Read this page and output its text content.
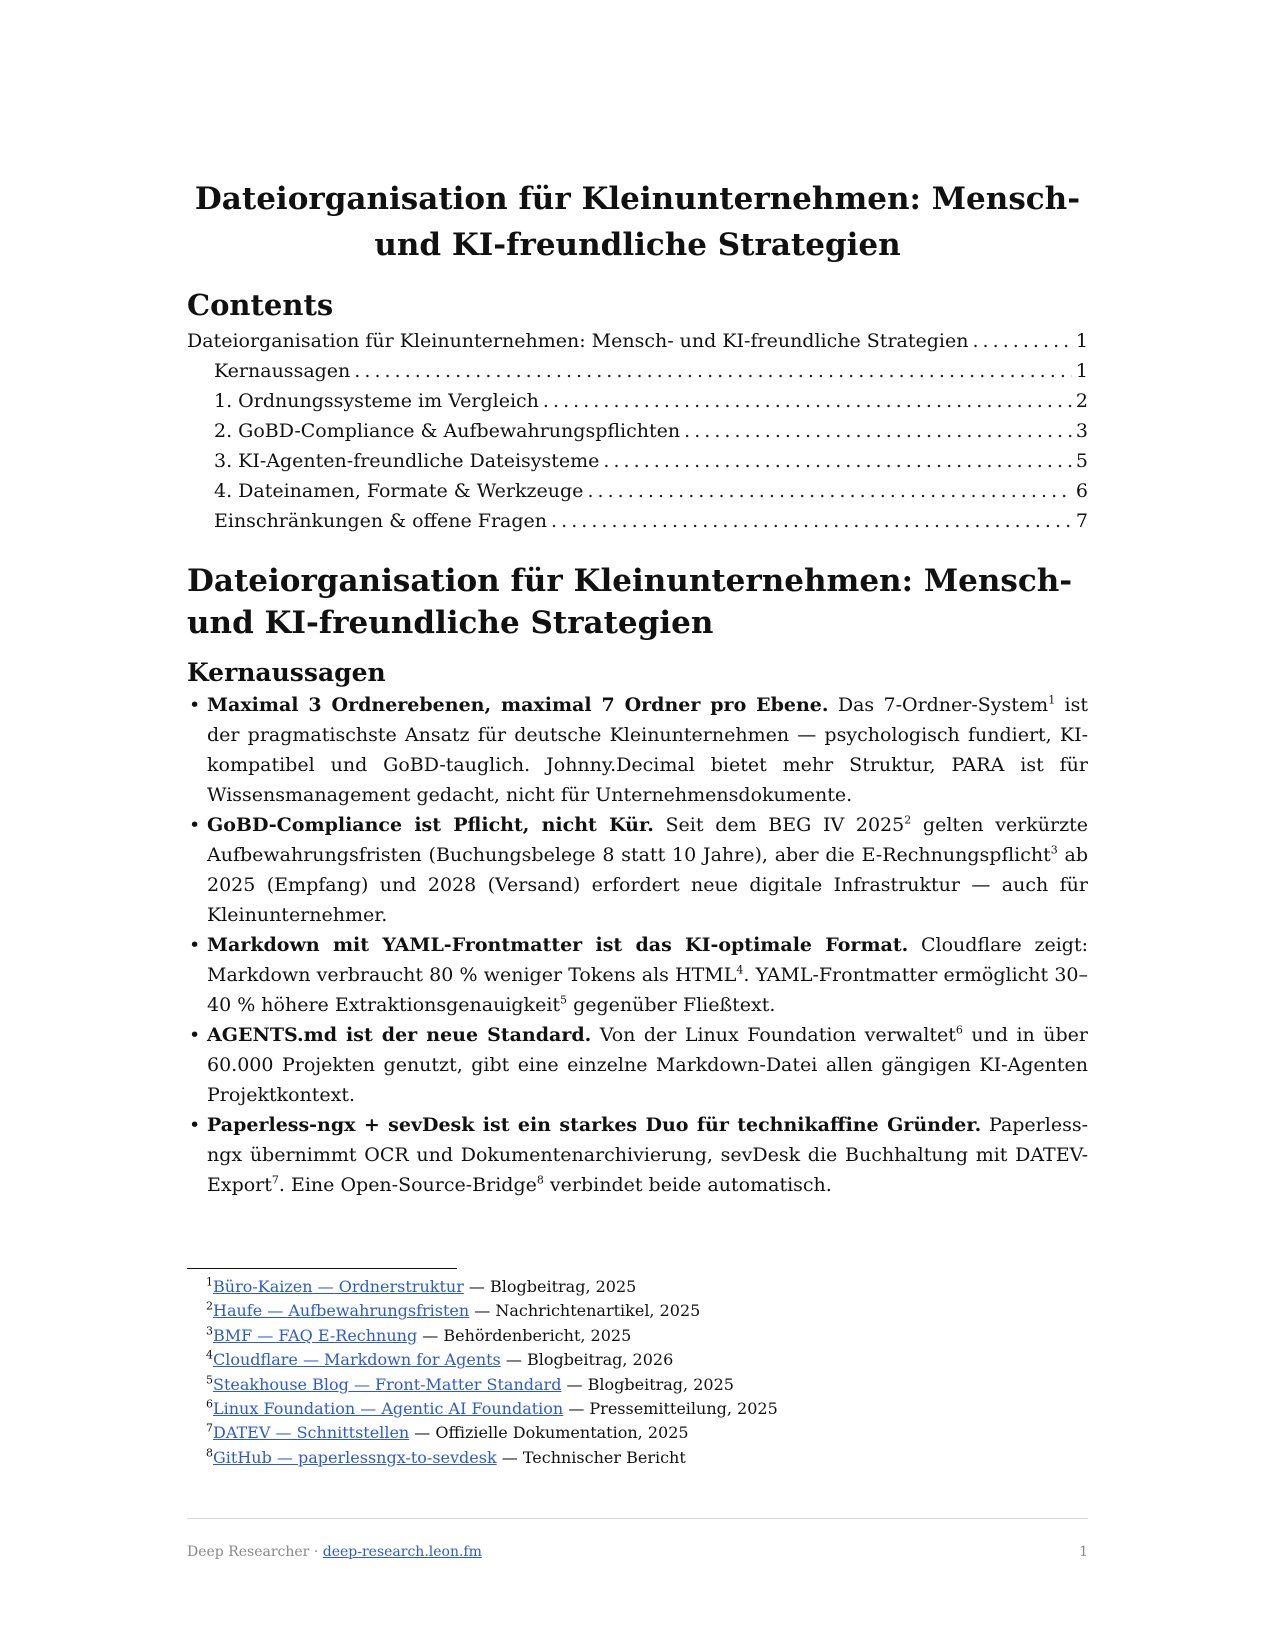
Dateiorganisation für Kleinunternehmen: Mensch- und KI-freundliche Strategien
Contents
Dateiorganisation für Kleinunternehmen: Mensch- und KI-freundliche Strategien . . .	1
Kernaussagen . . .	1
1. Ordnungssysteme im Vergleich . . .	2
2. GoBD-Compliance & Aufbewahrungspflichten . . .	3
3. KI-Agenten-freundliche Dateisysteme . . .	5
4. Dateinamen, Formate & Werkzeuge . . .	6
Einschränkungen & offene Fragen . . .	7
Dateiorganisation für Kleinunternehmen: Mensch- und KI-freundliche Strategien
Kernaussagen
• Maximal 3 Ordnerebenen, maximal 7 Ordner pro Ebene. Das 7-Ordner-System$^1$ ist der pragmatischste Ansatz für deutsche Kleinunternehmen — psychologisch fundiert, KI-kompatibel und GoBD-tauglich. Johnny.Decimal bietet mehr Struktur, PARA ist für Wissensmanagement gedacht, nicht für Unternehmensdokumente.
• GoBD-Compliance ist Pflicht, nicht Kür. Seit dem BEG IV 2025$^2$ gelten verkürzte Aufbewahrungsfristen (Buchungsbelege 8 statt 10 Jahre), aber die E-Rechnungspflicht$^3$ ab 2025 (Empfang) und 2028 (Versand) erfordert neue digitale Infrastruktur — auch für Kleinunternehmer.
• Markdown mit YAML-Frontmatter ist das KI-optimale Format. Cloudflare zeigt: Markdown verbraucht 80 % weniger Tokens als HTML$^4$. YAML-Frontmatter ermöglicht 30–40 % höhere Extraktionsgenauigkeit$^5$ gegenüber Fließtext.
• AGENTS.md ist der neue Standard. Von der Linux Foundation verwaltet$^6$ und in über 60.000 Projekten genutzt, gibt eine einzelne Markdown-Datei allen gängigen KI-Agenten Projektkontext.
• Paperless-ngx + sevDesk ist ein starkes Duo für technikaffine Gründer. Paperless-ngx übernimmt OCR und Dokumentenarchivierung, sevDesk die Buchhaltung mit DATEV-Export$^7$. Eine Open-Source-Bridge$^8$ verbindet beide automatisch.
$^1$Büro-Kaizen — Ordnerstruktur — Blogbeitrag, 2025
$^2$Haufe — Aufbewahrungsfristen — Nachrichtenartikel, 2025
$^3$BMF — FAQ E-Rechnung — Behördenbericht, 2025
$^4$Cloudflare — Markdown for Agents — Blogbeitrag, 2026
$^5$Steakhouse Blog — Front-Matter Standard — Blogbeitrag, 2025
$^6$Linux Foundation — Agentic AI Foundation — Pressemitteilung, 2025
$^7$DATEV — Schnittstellen — Offizielle Dokumentation, 2025
$^8$GitHub — paperlessngx-to-sevdesk — Technischer Bericht
Deep Researcher · deep-research.leon.fm	1
